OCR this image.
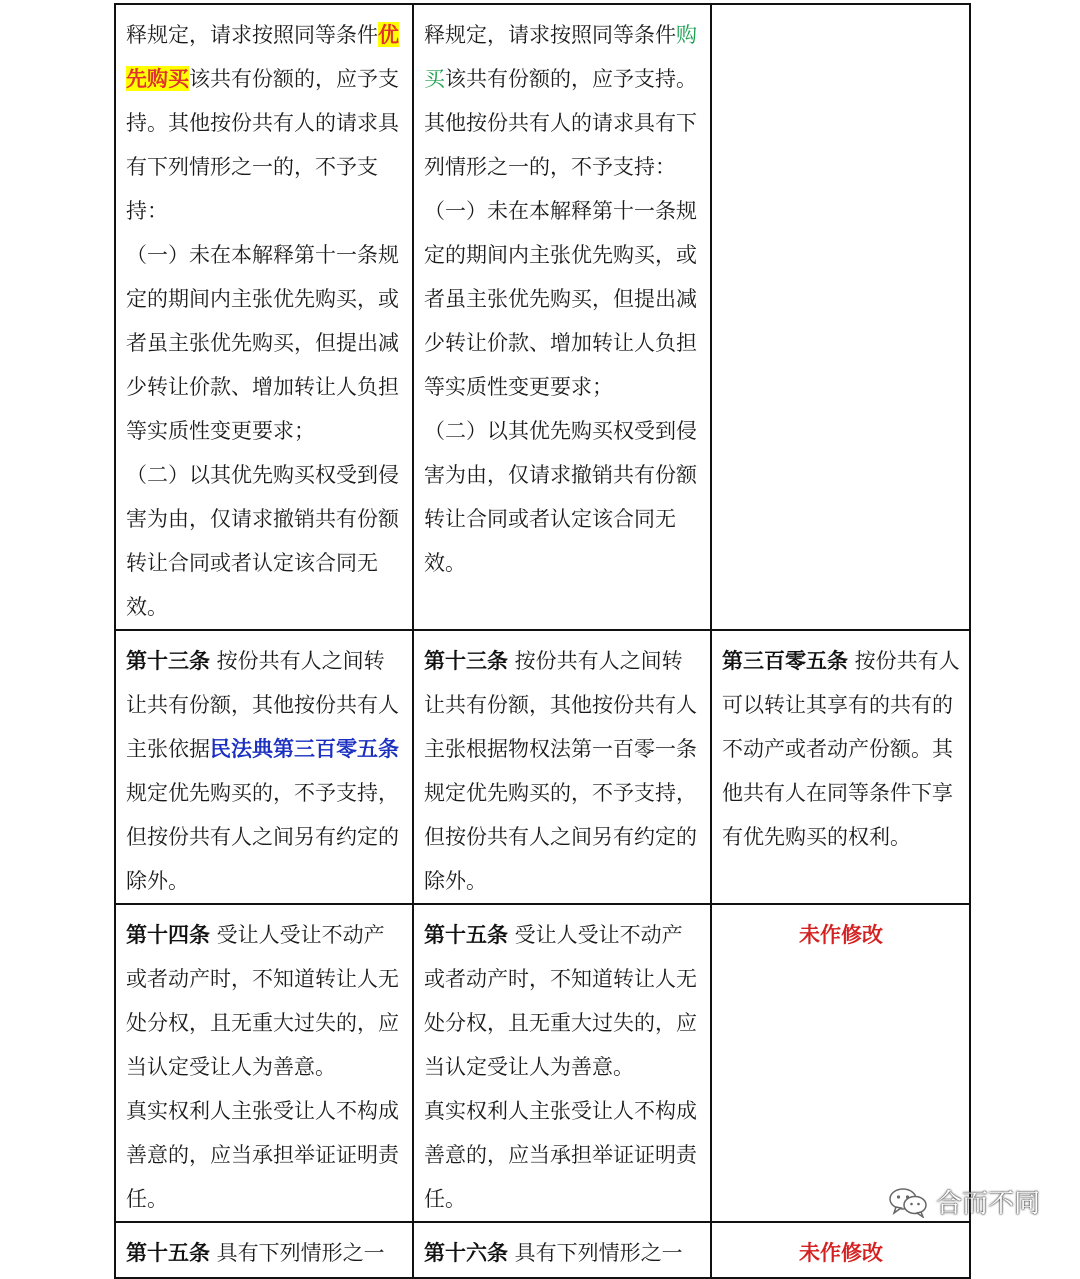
释规定，请求按照同等条件优先购买该共有份额的，应予支持。其他按份共有人的请求具有下列情形之一的，不予支持：
（一）未在本解释第十一条规定的期间内主张优先购买，或者虽主张优先购买，但提出减少转让价款、增加转让人负担等实质性变更要求；
（二）以其优先购买权受到侵害为由，仅请求撤销共有份额转让合同或者认定该合同无效。	释规定，请求按照同等条件购买该共有份额的，应予支持。其他按份共有人的请求具有下列情形之一的，不予支持：
（一）未在本解释第十一条规定的期间内主张优先购买，或者虽主张优先购买，但提出减少转让价款、增加转让人负担等实质性变更要求；
（二）以其优先购买权受到侵害为由，仅请求撤销共有份额转让合同或者认定该合同无效。	

第十三条 按份共有人之间转让共有份额，其他按份共有人主张依据民法典第三百零五条规定优先购买的，不予支持，但按份共有人之间另有约定的除外。	第十三条 按份共有人之间转让共有份额，其他按份共有人主张根据物权法第一百零一条规定优先购买的，不予支持，但按份共有人之间另有约定的除外。	第三百零五条 按份共有人可以转让其享有的共有的不动产或者动产份额。其他共有人在同等条件下享有优先购买的权利。

第十四条 受让人受让不动产或者动产时，不知道转让人无处分权，且无重大过失的，应当认定受让人为善意。
真实权利人主张受让人不构成善意的，应当承担举证证明责任。	第十五条 受让人受让不动产或者动产时，不知道转让人无处分权，且无重大过失的，应当认定受让人为善意。
真实权利人主张受让人不构成善意的，应当承担举证证明责任。	未作修改

第十五条 具有下列情形之一	第十六条 具有下列情形之一	未作修改
合而不同
